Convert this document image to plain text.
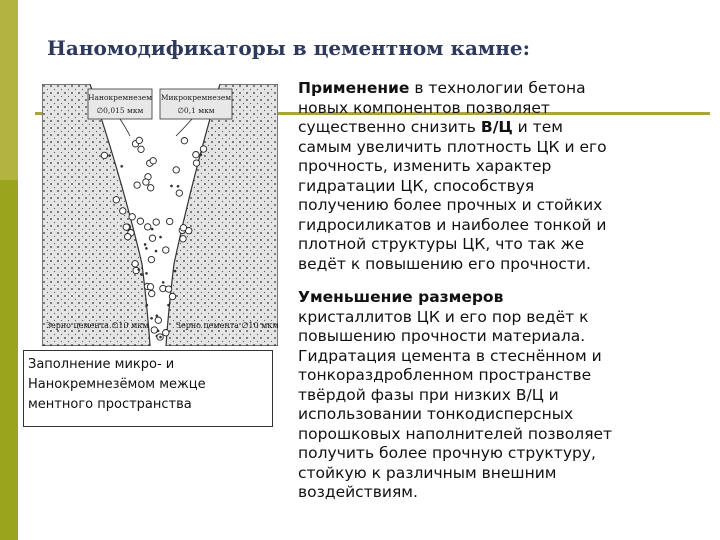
Наномодификаторы в цементном камне:
Нанокремнезем
∅0,015 мкм
Микрокремнезем
∅0,1 мкм
Зерно цемента ∅10 мкм	Зерно цемента ∅10 мкм
Заполнение микро- и
Нанокремнезёмом межце
ментного пространства
Применение в технологии бетона
новых компонентов позволяет
существенно снизить В/Ц и тем
самым увеличить плотность ЦК и его
прочность, изменить характер
гидратации ЦК, способствуя
получению более прочных и стойких
гидросиликатов и наиболее тонкой и
плотной структуры ЦК, что так же
ведёт к повышению его прочности.
Уменьшение размеров
кристаллитов ЦК и его пор ведёт к
повышению прочности материала.
Гидратация цемента в стеснённом и
тонкораздробленном пространстве
твёрдой фазы при низких В/Ц и
использовании тонкодисперсных
порошковых наполнителей позволяет
получить более прочную структуру,
стойкую к различным внешним
воздействиям.
